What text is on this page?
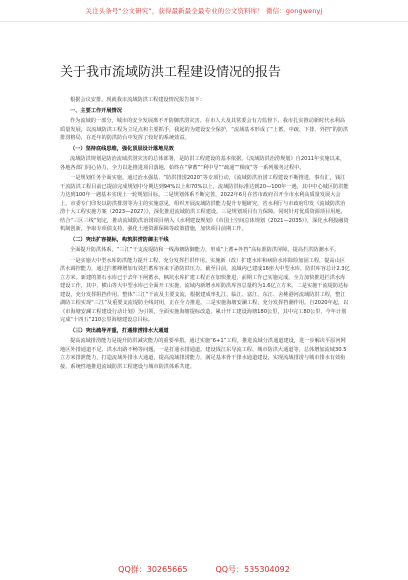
关注头条号“公文研究”，获得最新最全最专业的公文资料库！ 微信：gongwenyj
关于我市流域防洪工程建设情况的报告

根据会议安排，现就我市流域防洪工程建设情况报告如下：

一、主要工作开展情况

作为流域的一部分，城市的安全发展离不开防御洪涝灾害。在市人大及其常委会有力监督下，我市扎实推动新时代水利高质量发展，以流域防洪工程为立足点和主要抓手，我起的为建设安全保护，“流域基本形成了“上蓄、中疏、下排、外挡”的防洪排涝格局，在近年的防洪防台中发挥了较好的系统效益。

（一）坚持底线思维，强化顶层设计落地见效

流域防洪规划是防治流域洪涝灾害的总体部署，是防洪工程建设的基本依据。《流域防洪治涝规划》自2011年实施以来，各地各部门同心协力，全力以赴推进项目落地，始终在“拿蓄”“利中导”“疏通”“梯度”等一系列服务过程中。

一是规划任务全面实施。通过治水强基、“防洪排涝2020”等专项行动，《流域防洪治涝工程建设不断推进，事有汇，钱江干流防洪工程目前已提前完成规划中分期达到94%以上和70%以上，流域防洪标准达到20—100年一遇，其中中心城区防洪能力达到100年一遇基本实现上一轮规划目标。二是规划体系不断完善。2022年6月在省市政府召开全市水利高质量发展大会上，市委专门印发以防洪排涝等为主的实施意见，组织开展流域防洪能力提升专题研究，省水利厅与市政府印发《流域防洪治涝十大工程实施方案（2023—2027）》，深化推进流域防洪工程建设。三是规划项目有力保障。同时针对优质资源项目用地，结合“三区三线”划定，推动流域防洪治涝项目纳入《水利建设规划》《市国土空间总体规划（2021—2035）》，深化水利投融资机制创新，争取专项债支持，强化土地资源保障等政策措施，加快项目前期工作。

（二）突出扩容提标，构筑洪涝防御主干线

全面提升防洪体系，“三江”干支流堤防和一线海塘防御能力，形成“上蓄+外挡”高标准防洪屏障，提高拦洪防潮水平。

一是实施大中型水库防洪能力提升工程，充分发挥拦洪作用。实施新（改）扩建水库和病险水库除险加固工程，提高山区洪水调控能力，通过拦蓄峰增加有效拦蓄库容来下游防洪压力。截至目前，流域内已建成16座大中型水库，防洪库容总计2.3亿立方米。新建的墨石水库已于去年下闸蓄水，枫坑水库扩建工程正在加快推进，前期工作已实施完成。全力加快推进拦洪水库建设工作，其中，横山等大中型水库已全面开工实施，流域内新增水库防洪库容总量约为1.6亿立方米。二是实施干流堤防达标建设，充分发挥阻挡作用。整体“三江”干流及主要支流，根据建成率扎江、临江、富江、东江、舍桃港河流域防洪工程，整江湖防工程实现“三江”及重要支流堤防全线封闭，正在全力推进。三是实施海塘安澜工程，充分发挥挡潮作用。自2020年起，以《市海塘安澜工程建设行动计划》为引领，全面实施海塘提标改造，累计开工建设海塘180公里，其中完工80公里，今年计划完成“十四五”210公里海塘建设总目标。

（三）突出疏导并重，打通排涝排水大通道

提高流域排涝能力是提升防洪减灾能力的重要举措。通过实施“6+1”工程，推进流域分洪通道建设，进一步解决平原河网地区外排通道不足、洪水出路不畅等问题。一是打通水排通道。建设钱江东导流工程、城市防洪大通道等，总体增加流域30.5立方米排泄能力，打造流域外排水大通道，提高流域排涝能力，满足基本骨干排水通道建设，实现流域排涝与城市排水有效衔接，系统性地推进流域防洪工程建设与城市防洪体系共建。

QQ群：30265665	QQ号：535304092
